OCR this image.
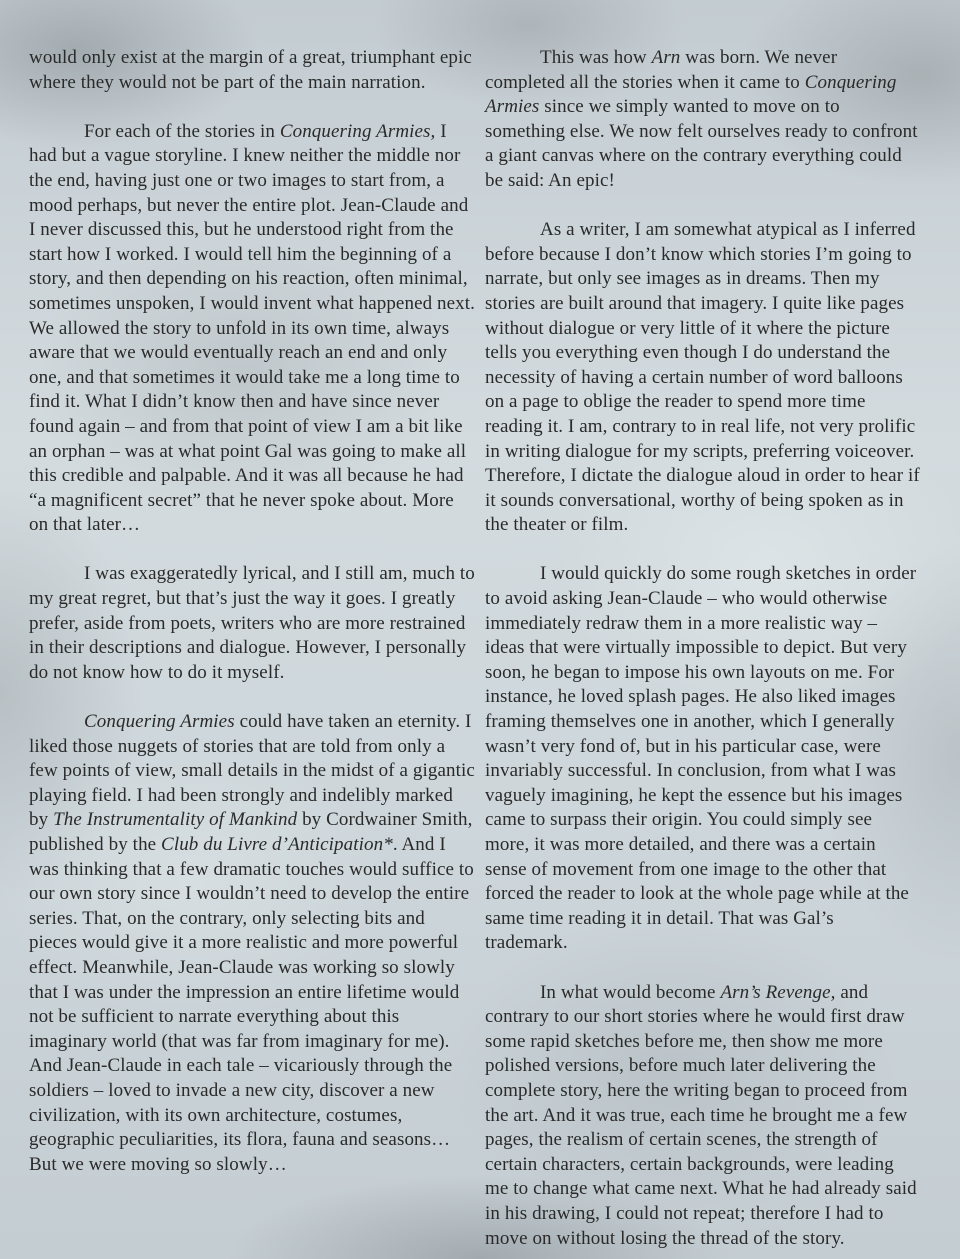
would only exist at the margin of a great, triumphant epic where they would not be part of the main narration.

For each of the stories in Conquering Armies, I had but a vague storyline. I knew neither the middle nor the end, having just one or two images to start from, a mood perhaps, but never the entire plot. Jean-Claude and I never discussed this, but he understood right from the start how I worked. I would tell him the beginning of a story, and then depending on his reaction, often minimal, sometimes unspoken, I would invent what happened next. We allowed the story to unfold in its own time, always aware that we would eventually reach an end and only one, and that sometimes it would take me a long time to find it. What I didn’t know then and have since never found again – and from that point of view I am a bit like an orphan – was at what point Gal was going to make all this credible and palpable. And it was all because he had “a magnificent secret” that he never spoke about. More on that later…

I was exaggeratedly lyrical, and I still am, much to my great regret, but that’s just the way it goes. I greatly prefer, aside from poets, writers who are more restrained in their descriptions and dialogue. However, I personally do not know how to do it myself.

Conquering Armies could have taken an eternity. I liked those nuggets of stories that are told from only a few points of view, small details in the midst of a gigantic playing field. I had been strongly and indelibly marked by The Instrumentality of Mankind by Cordwainer Smith, published by the Club du Livre d’Anticipation*. And I was thinking that a few dramatic touches would suffice to our own story since I wouldn’t need to develop the entire series. That, on the contrary, only selecting bits and pieces would give it a more realistic and more powerful effect. Meanwhile, Jean-Claude was working so slowly that I was under the impression an entire lifetime would not be sufficient to narrate everything about this imaginary world (that was far from imaginary for me). And Jean-Claude in each tale – vicariously through the soldiers – loved to invade a new city, discover a new civilization, with its own architecture, costumes, geographic peculiarities, its flora, fauna and seasons… But we were moving so slowly…

This was how Arn was born. We never completed all the stories when it came to Conquering Armies since we simply wanted to move on to something else. We now felt ourselves ready to confront a giant canvas where on the contrary everything could be said: An epic!

As a writer, I am somewhat atypical as I inferred before because I don’t know which stories I’m going to narrate, but only see images as in dreams. Then my stories are built around that imagery. I quite like pages without dialogue or very little of it where the picture tells you everything even though I do understand the necessity of having a certain number of word balloons on a page to oblige the reader to spend more time reading it. I am, contrary to in real life, not very prolific in writing dialogue for my scripts, preferring voiceover. Therefore, I dictate the dialogue aloud in order to hear if it sounds conversational, worthy of being spoken as in the theater or film.

I would quickly do some rough sketches in order to avoid asking Jean-Claude – who would otherwise immediately redraw them in a more realistic way – ideas that were virtually impossible to depict. But very soon, he began to impose his own layouts on me. For instance, he loved splash pages. He also liked images framing themselves one in another, which I generally wasn’t very fond of, but in his particular case, were invariably successful. In conclusion, from what I was vaguely imagining, he kept the essence but his images came to surpass their origin. You could simply see more, it was more detailed, and there was a certain sense of movement from one image to the other that forced the reader to look at the whole page while at the same time reading it in detail. That was Gal’s trademark.

In what would become Arn’s Revenge, and contrary to our short stories where he would first draw some rapid sketches before me, then show me more polished versions, before much later delivering the complete story, here the writing began to proceed from the art. And it was true, each time he brought me a few pages, the realism of certain scenes, the strength of certain characters, certain backgrounds, were leading me to change what came next. What he had already said in his drawing, I could not repeat; therefore I had to move on without losing the thread of the story.
